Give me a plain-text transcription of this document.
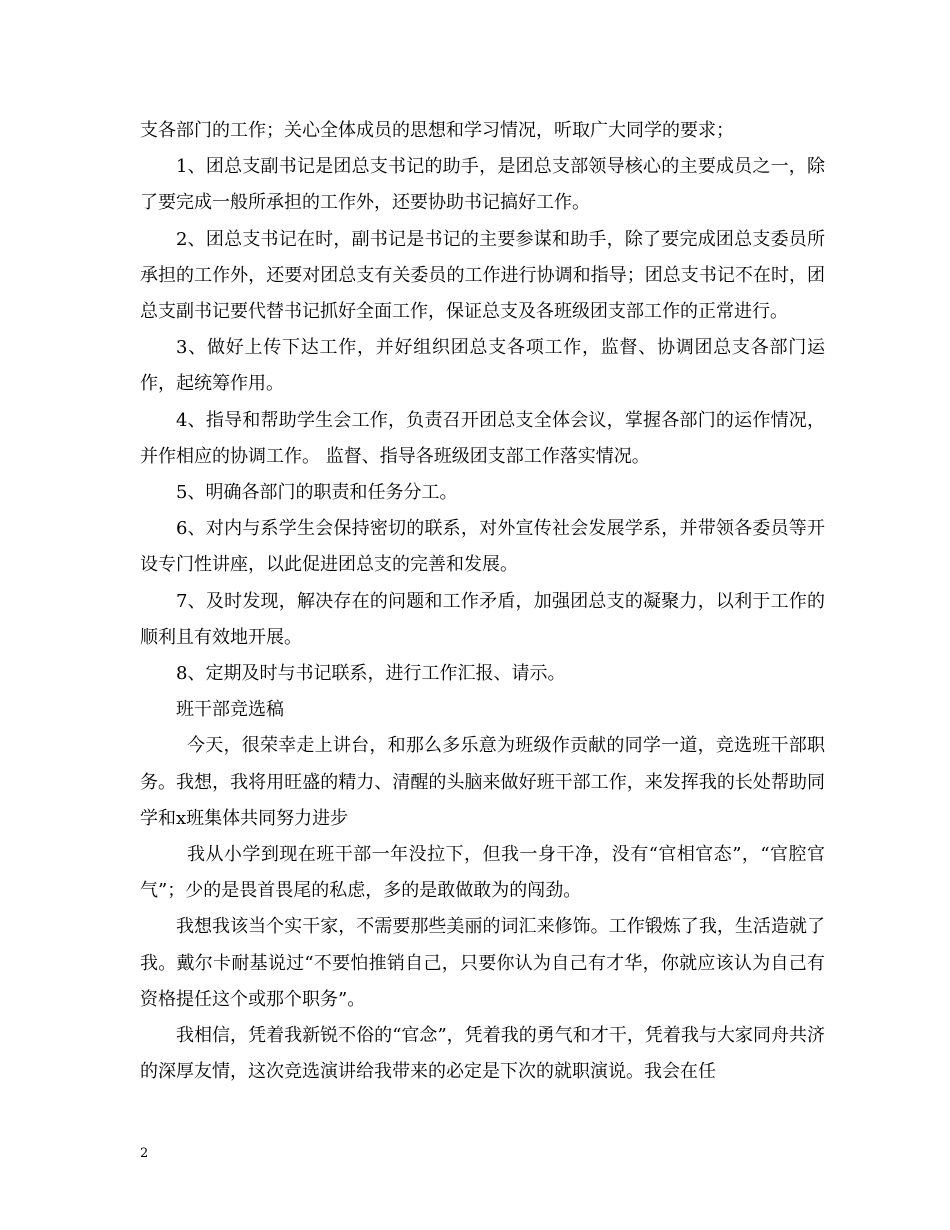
支各部门的工作；关心全体成员的思想和学习情况，听取广大同学的要求；

1、团总支副书记是团总支书记的助手，是团总支部领导核心的主要成员之一，除了要完成一般所承担的工作外，还要协助书记搞好工作。

2、团总支书记在时，副书记是书记的主要参谋和助手，除了要完成团总支委员所承担的工作外，还要对团总支有关委员的工作进行协调和指导；团总支书记不在时，团总支副书记要代替书记抓好全面工作，保证总支及各班级团支部工作的正常进行。

3、做好上传下达工作，并好组织团总支各项工作，监督、协调团总支各部门运作，起统筹作用。

4、指导和帮助学生会工作，负责召开团总支全体会议，掌握各部门的运作情况，并作相应的协调工作。 监督、指导各班级团支部工作落实情况。

5、明确各部门的职责和任务分工。

6、对内与系学生会保持密切的联系，对外宣传社会发展学系，并带领各委员等开设专门性讲座，以此促进团总支的完善和发展。

7、及时发现，解决存在的问题和工作矛盾，加强团总支的凝聚力，以利于工作的顺利且有效地开展。

8、定期及时与书记联系，进行工作汇报、请示。

班干部竞选稿

今天，很荣幸走上讲台，和那么多乐意为班级作贡献的同学一道，竞选班干部职务。我想，我将用旺盛的精力、清醒的头脑来做好班干部工作，来发挥我的长处帮助同学和x班集体共同努力进步

我从小学到现在班干部一年没拉下，但我一身干净，没有“官相官态”，“官腔官气”；少的是畏首畏尾的私虑，多的是敢做敢为的闯劲。

我想我该当个实干家，不需要那些美丽的词汇来修饰。工作锻炼了我，生活造就了我。戴尔卡耐基说过“不要怕推销自己，只要你认为自己有才华，你就应该认为自己有资格提任这个或那个职务”。

我相信，凭着我新锐不俗的“官念”，凭着我的勇气和才干，凭着我与大家同舟共济的深厚友情，这次竞选演讲给我带来的必定是下次的就职演说。我会在任

2
